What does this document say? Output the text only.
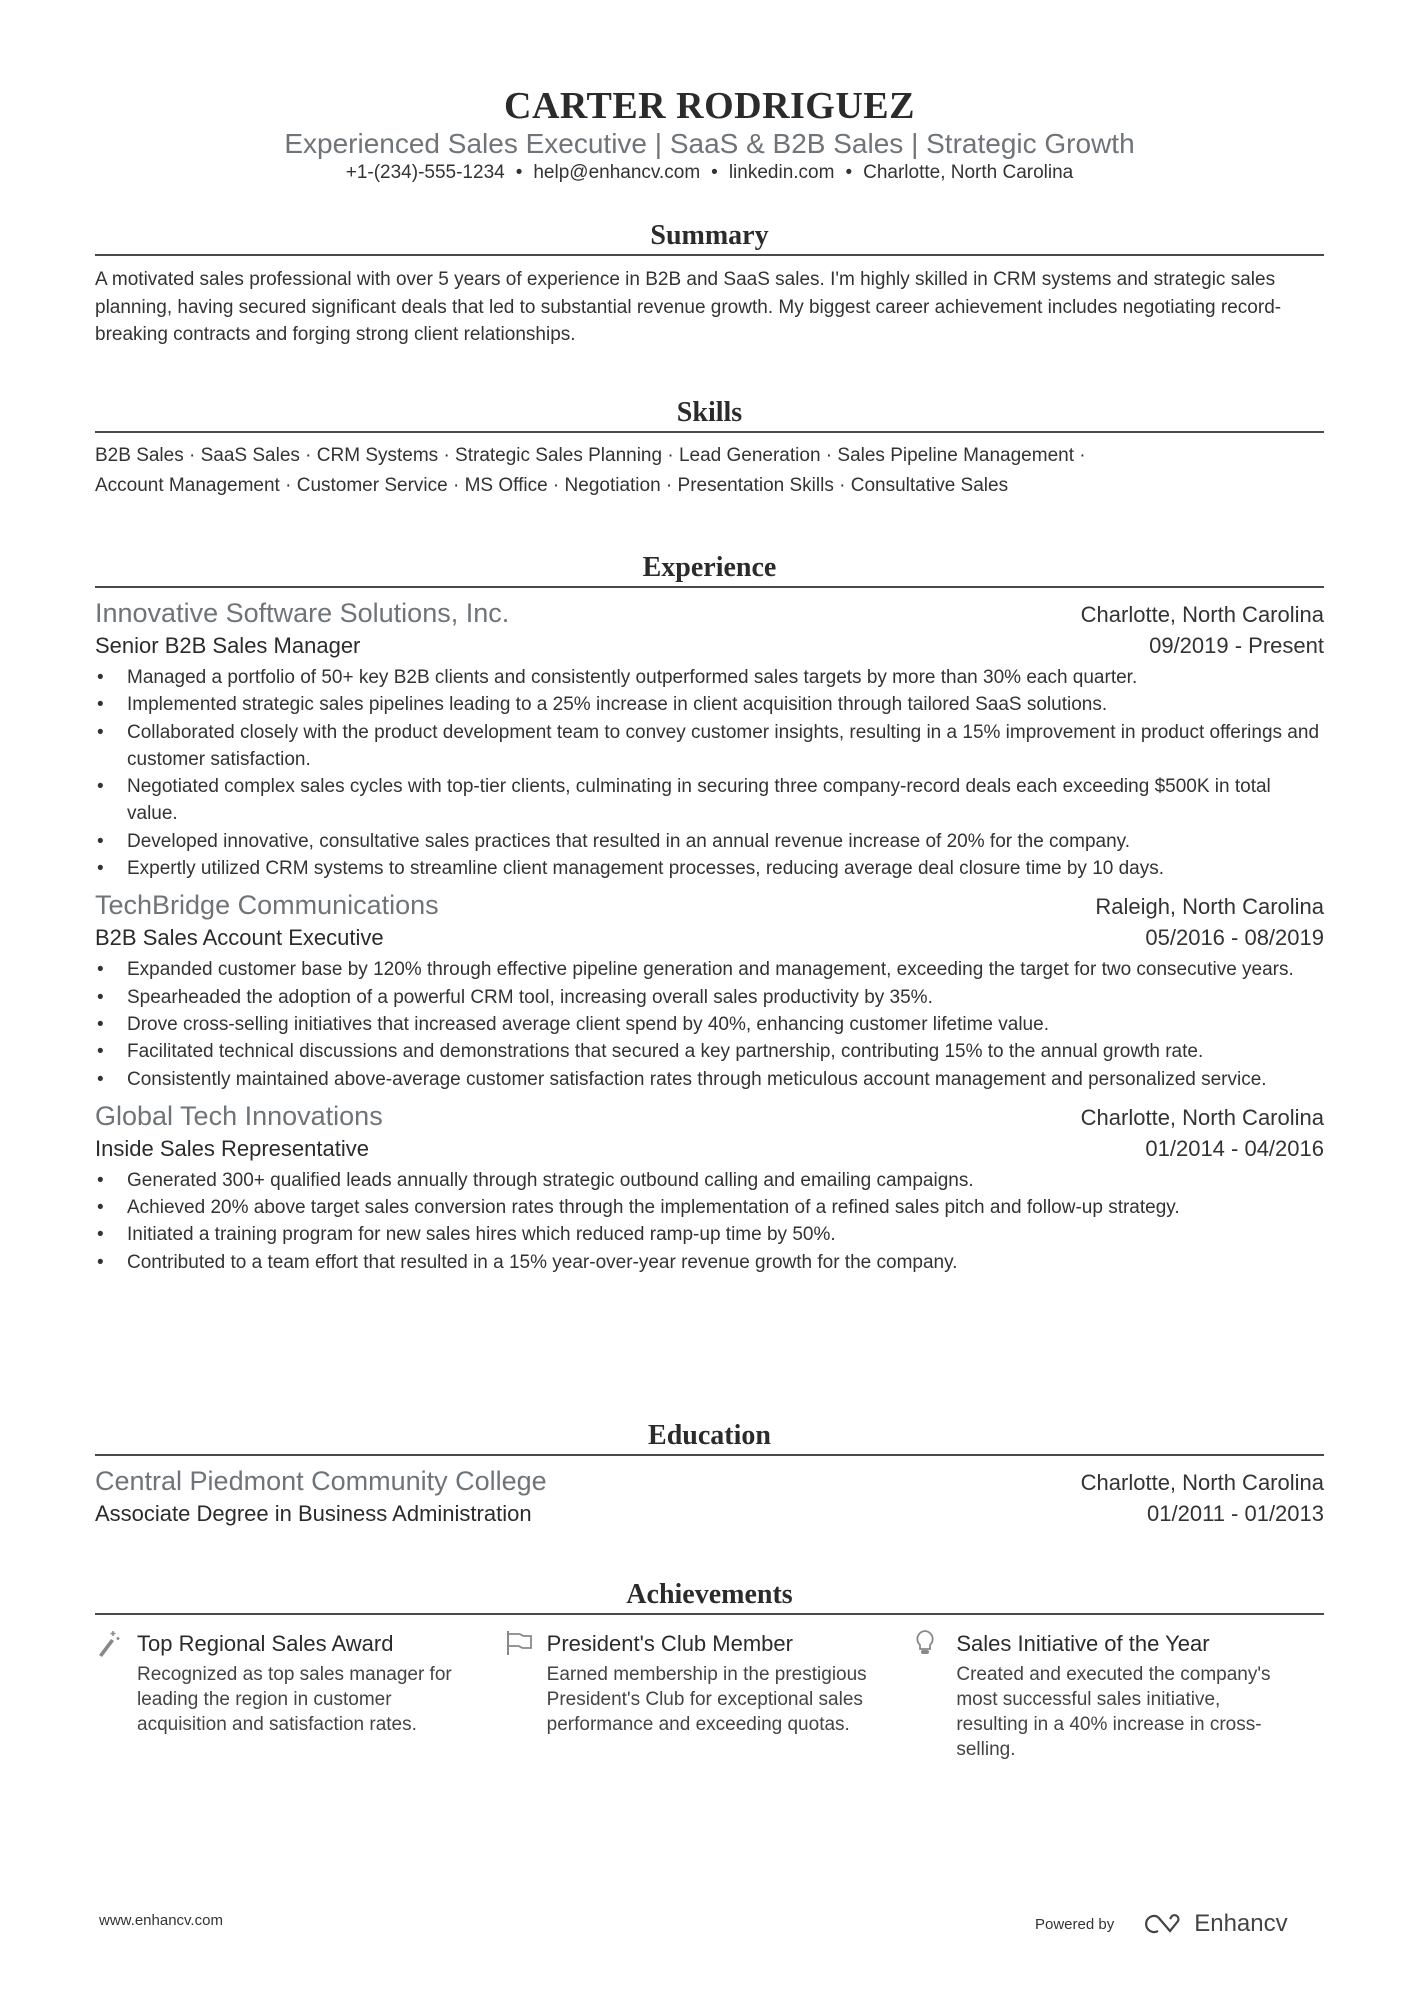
CARTER RODRIGUEZ
Experienced Sales Executive | SaaS & B2B Sales | Strategic Growth
+1-(234)-555-1234 • help@enhancv.com • linkedin.com • Charlotte, North Carolina
Summary
A motivated sales professional with over 5 years of experience in B2B and SaaS sales. I'm highly skilled in CRM systems and strategic sales planning, having secured significant deals that led to substantial revenue growth. My biggest career achievement includes negotiating record-breaking contracts and forging strong client relationships.
Skills
B2B Sales · SaaS Sales · CRM Systems · Strategic Sales Planning · Lead Generation · Sales Pipeline Management ·
Account Management · Customer Service · MS Office · Negotiation · Presentation Skills · Consultative Sales
Experience
Innovative Software Solutions, Inc.	Charlotte, North Carolina
Senior B2B Sales Manager	09/2019 - Present
• Managed a portfolio of 50+ key B2B clients and consistently outperformed sales targets by more than 30% each quarter.
• Implemented strategic sales pipelines leading to a 25% increase in client acquisition through tailored SaaS solutions.
• Collaborated closely with the product development team to convey customer insights, resulting in a 15% improvement in product offerings and customer satisfaction.
• Negotiated complex sales cycles with top-tier clients, culminating in securing three company-record deals each exceeding $500K in total value.
• Developed innovative, consultative sales practices that resulted in an annual revenue increase of 20% for the company.
• Expertly utilized CRM systems to streamline client management processes, reducing average deal closure time by 10 days.
TechBridge Communications	Raleigh, North Carolina
B2B Sales Account Executive	05/2016 - 08/2019
• Expanded customer base by 120% through effective pipeline generation and management, exceeding the target for two consecutive years.
• Spearheaded the adoption of a powerful CRM tool, increasing overall sales productivity by 35%.
• Drove cross-selling initiatives that increased average client spend by 40%, enhancing customer lifetime value.
• Facilitated technical discussions and demonstrations that secured a key partnership, contributing 15% to the annual growth rate.
• Consistently maintained above-average customer satisfaction rates through meticulous account management and personalized service.
Global Tech Innovations	Charlotte, North Carolina
Inside Sales Representative	01/2014 - 04/2016
• Generated 300+ qualified leads annually through strategic outbound calling and emailing campaigns.
• Achieved 20% above target sales conversion rates through the implementation of a refined sales pitch and follow-up strategy.
• Initiated a training program for new sales hires which reduced ramp-up time by 50%.
• Contributed to a team effort that resulted in a 15% year-over-year revenue growth for the company.
Education
Central Piedmont Community College	Charlotte, North Carolina
Associate Degree in Business Administration	01/2011 - 01/2013
Achievements
Top Regional Sales Award
Recognized as top sales manager for leading the region in customer acquisition and satisfaction rates.
President's Club Member
Earned membership in the prestigious President's Club for exceptional sales performance and exceeding quotas.
Sales Initiative of the Year
Created and executed the company's most successful sales initiative, resulting in a 40% increase in cross-selling.
www.enhancv.com	Powered by	Enhancv
